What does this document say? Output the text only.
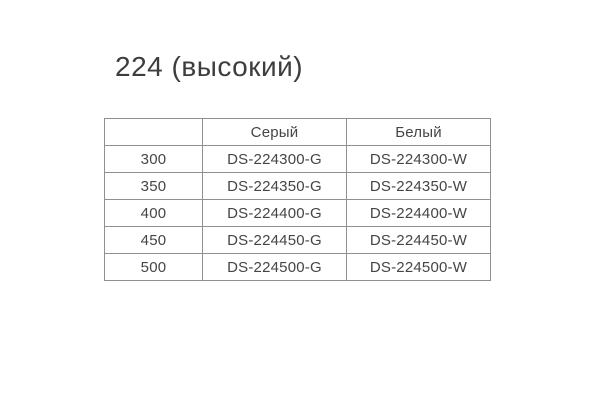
224 (высокий)
	Серый	Белый
300	DS-224300-G	DS-224300-W
350	DS-224350-G	DS-224350-W
400	DS-224400-G	DS-224400-W
450	DS-224450-G	DS-224450-W
500	DS-224500-G	DS-224500-W
